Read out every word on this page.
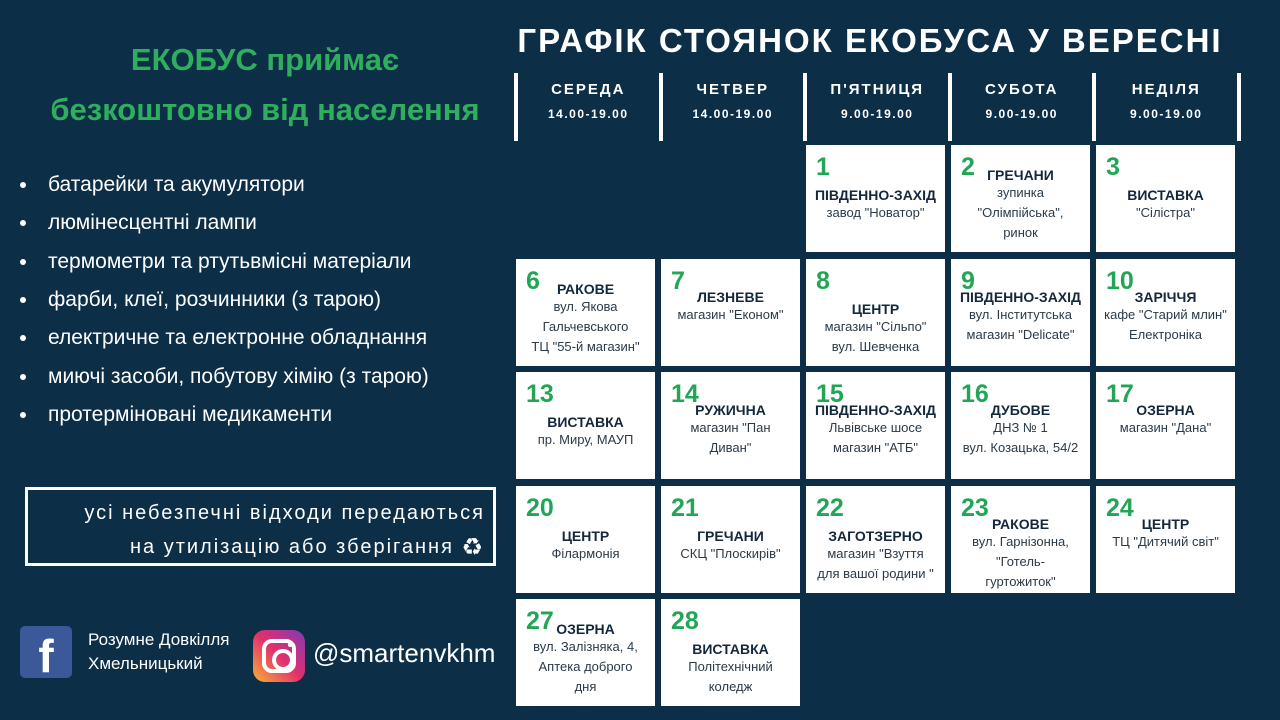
ЕКОБУС приймає
безкоштовно від населення
батарейки та акумулятори
люмінесцентні лампи
термометри та ртутьвмісні матеріали
фарби, клеї, розчинники (з тарою)
електричне та електронне обладнання
миючі засоби, побутову хімію (з тарою)
протерміновані медикаменти
усі небезпечні відходи передаються
на утилізацію або зберігання ♻
f	Розумне Довкілля
Хмельницький	@smartenvkhm
ГРАФІК СТОЯНОК ЕКОБУСА У ВЕРЕСНІ
СЕРЕДА
14.00-19.00
ЧЕТВЕР
14.00-19.00
П'ЯТНИЦЯ
9.00-19.00
СУБОТА
9.00-19.00
НЕДІЛЯ
9.00-19.00
1
ПІВДЕННО-ЗАХІД
завод "Новатор"
2 ГРЕЧАНИ
зупинка
"Олімпійська",
ринок
3
ВИСТАВКА
"Сілістра"
6	РАКОВЕ
вул. Якова
Гальчевського
ТЦ "55-й магазин"
7
ЛЕЗНЕВЕ
магазин "Економ"
8
ЦЕНТР
магазин "Сільпо"
вул. Шевченка
9
ПІВДЕННО-ЗАХІД
вул. Інститутська
магазин "Delicate"
10
ЗАРІЧЧЯ
кафе "Старий млин"
Електроніка
13
ВИСТАВКА
пр. Миру, МАУП
14
РУЖИЧНА
магазин "Пан
Диван"
15
ПІВДЕННО-ЗАХІД
Львівське шосе
магазин "АТБ"
16
ДУБОВЕ
ДНЗ № 1
вул. Козацька, 54/2
17
ОЗЕРНА
магазин "Дана"
20
ЦЕНТР
Філармонія
21
ГРЕЧАНИ
СКЦ "Плоскирів"
22
ЗАГОТЗЕРНО
магазин "Взуття
для вашої родини "
23
РАКОВЕ
вул. Гарнізонна,
"Готель-
гуртожиток"
24
ЦЕНТР
ТЦ "Дитячий світ"
27 ОЗЕРНА
вул. Залізняка, 4,
Аптека доброго
дня
28
ВИСТАВКА
Політехнічний
коледж
